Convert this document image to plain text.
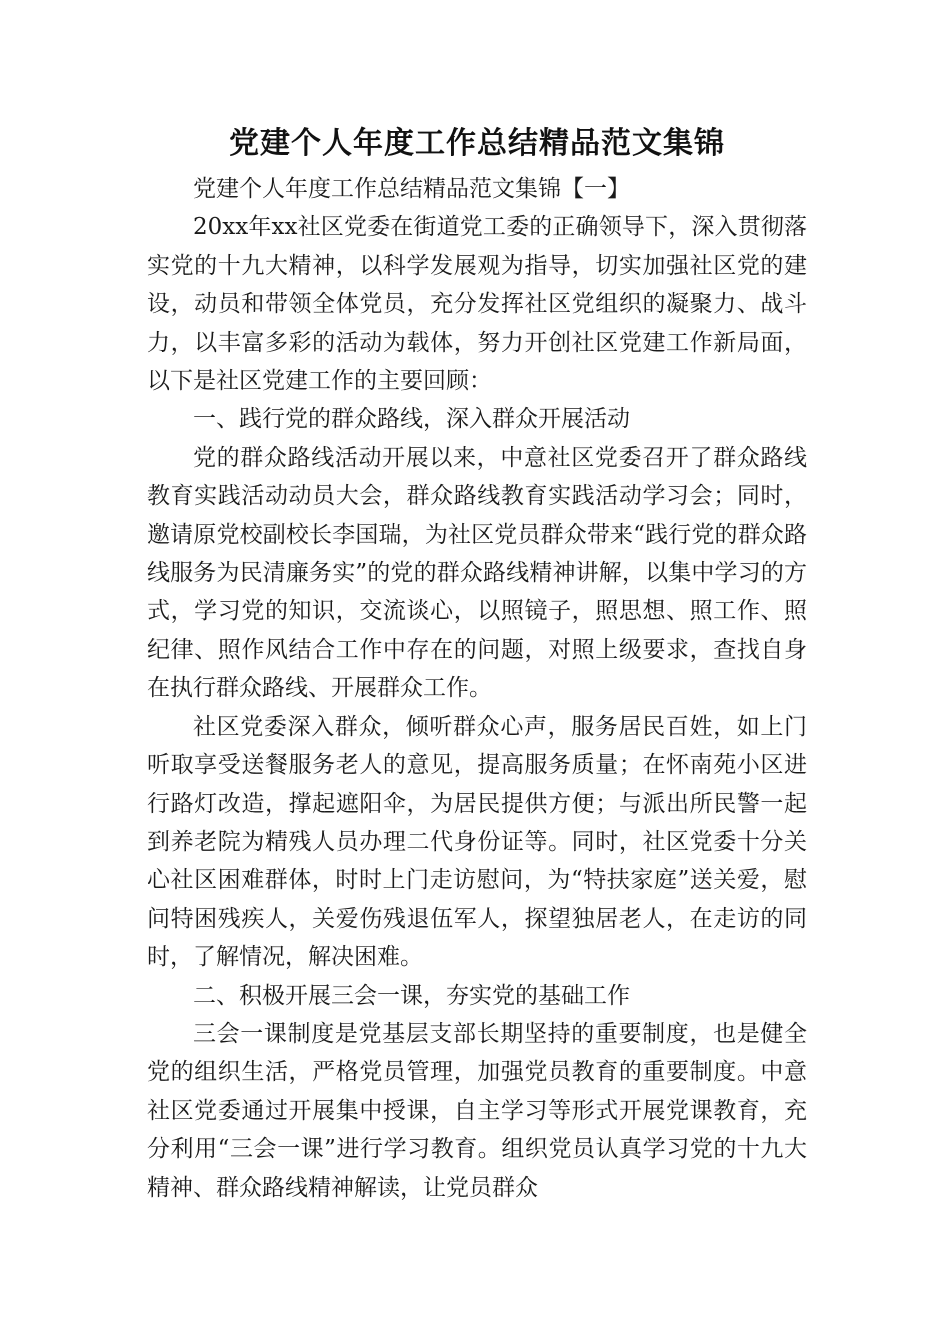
党建个人年度工作总结精品范文集锦

党建个人年度工作总结精品范文集锦【一】

20xx年xx社区党委在街道党工委的正确领导下，深入贯彻落实党的十九大精神，以科学发展观为指导，切实加强社区党的建设，动员和带领全体党员，充分发挥社区党组织的凝聚力、战斗力，以丰富多彩的活动为载体，努力开创社区党建工作新局面，以下是社区党建工作的主要回顾：

一、践行党的群众路线，深入群众开展活动

党的群众路线活动开展以来，中意社区党委召开了群众路线教育实践活动动员大会，群众路线教育实践活动学习会；同时，邀请原党校副校长李国瑞，为社区党员群众带来“践行党的群众路线服务为民清廉务实”的党的群众路线精神讲解，以集中学习的方式，学习党的知识，交流谈心，以照镜子，照思想、照工作、照纪律、照作风结合工作中存在的问题，对照上级要求，查找自身在执行群众路线、开展群众工作。

社区党委深入群众，倾听群众心声，服务居民百姓，如上门听取享受送餐服务老人的意见，提高服务质量；在怀南苑小区进行路灯改造，撑起遮阳伞，为居民提供方便；与派出所民警一起到养老院为精残人员办理二代身份证等。同时，社区党委十分关心社区困难群体，时时上门走访慰问，为“特扶家庭”送关爱，慰问特困残疾人，关爱伤残退伍军人，探望独居老人，在走访的同时，了解情况，解决困难。

二、积极开展三会一课，夯实党的基础工作

三会一课制度是党基层支部长期坚持的重要制度，也是健全党的组织生活，严格党员管理，加强党员教育的重要制度。中意社区党委通过开展集中授课，自主学习等形式开展党课教育，充分利用“三会一课”进行学习教育。组织党员认真学习党的十九大精神、群众路线精神解读，让党员群众
